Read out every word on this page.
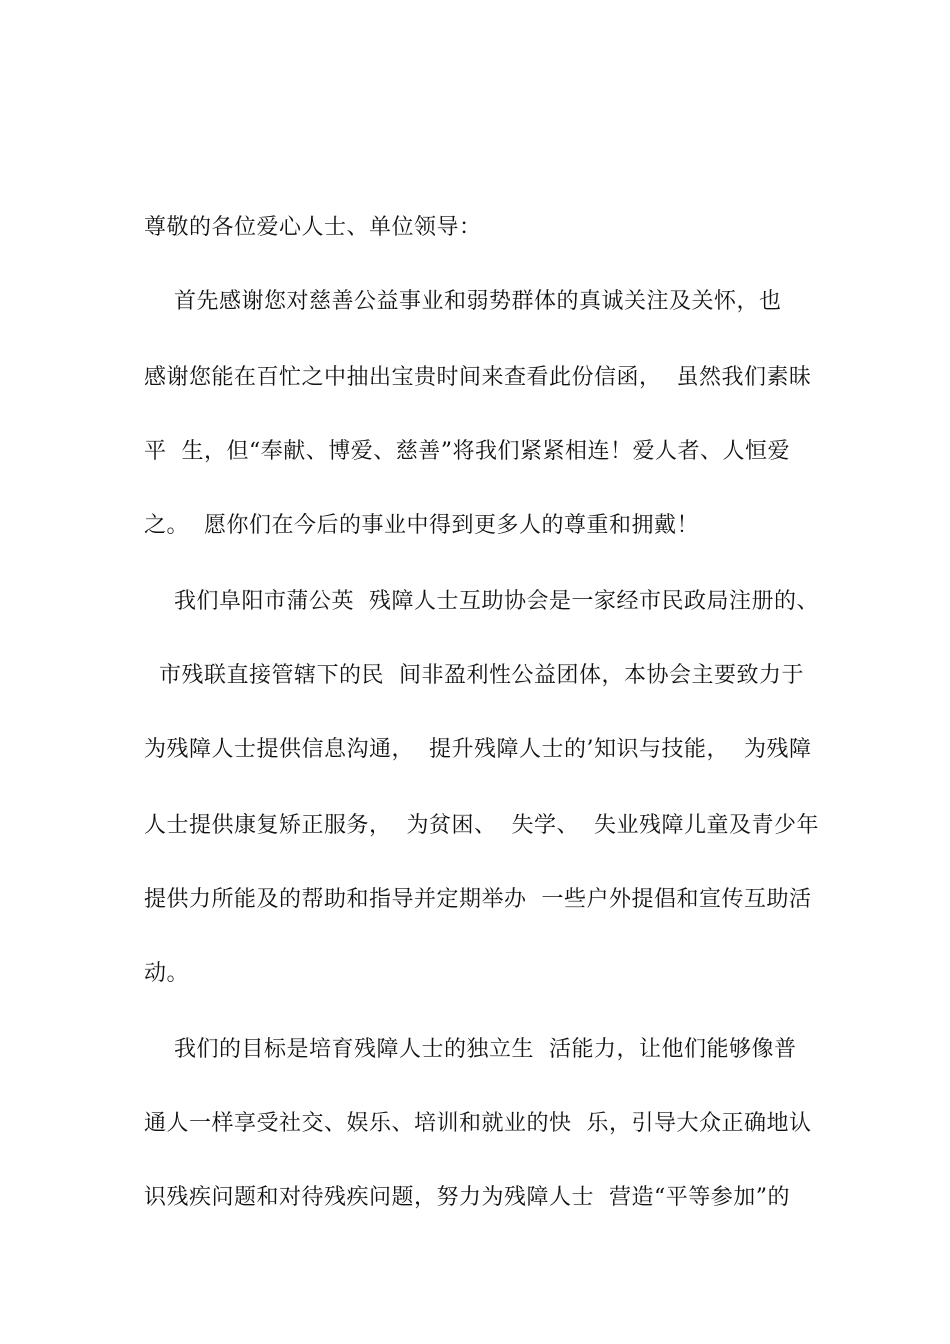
尊敬的各位爱心人士、单位领导：
首先感谢您对慈善公益事业和弱势群体的真诚关注及关怀，也
感谢您能在百忙之中抽出宝贵时间来查看此份信函，  虽然我们素昧
平  生，但“奉献、博爱、慈善”将我们紧紧相连！爱人者、人恒爱
之。  愿你们在今后的事业中得到更多人的尊重和拥戴！
我们阜阳市蒲公英  残障人士互助协会是一家经市民政局注册的、
市残联直接管辖下的民  间非盈利性公益团体，本协会主要致力于
为残障人士提供信息沟通，  提升残障人士的’知识与技能，  为残障
人士提供康复矫正服务，  为贫困、  失学、  失业残障儿童及青少年
提供力所能及的帮助和指导并定期举办  一些户外提倡和宣传互助活
动。
我们的目标是培育残障人士的独立生  活能力，让他们能够像普
通人一样享受社交、娱乐、培训和就业的快  乐，引导大众正确地认
识残疾问题和对待残疾问题，努力为残障人士  营造“平等参加”的
